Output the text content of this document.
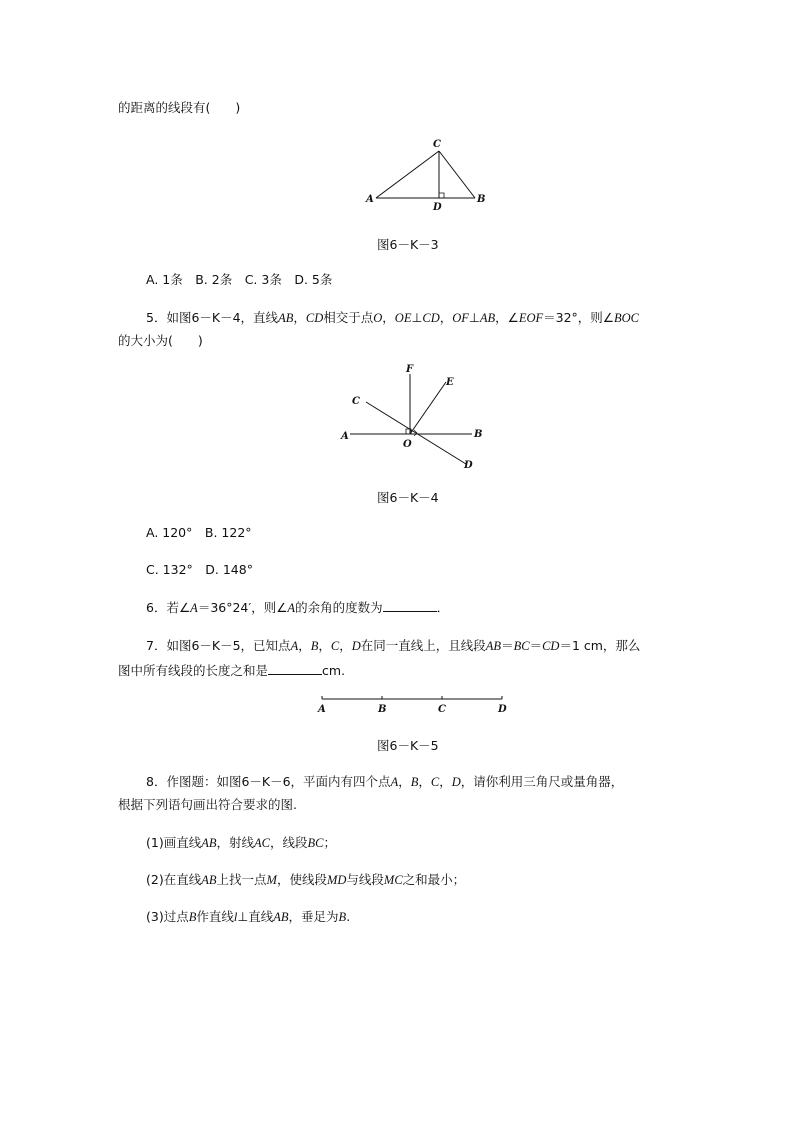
的距离的线段有(　　)
C
A	B
D
图6－K－3
A. 1条　B. 2条　C. 3条　D. 5条
5．如图6－K－4，直线AB，CD相交于点O，OE⊥CD，OF⊥AB，∠EOF＝32°，则∠BOC
的大小为(　　)
F
E
C
A
O
B
D
图6－K－4
A. 120°　B. 122°
C. 132°　D. 148°
6．若∠A＝36°24′，则∠A的余角的度数为	．
7．如图6－K－5，已知点A，B，C，D在同一直线上，且线段AB＝BC＝CD＝1 cm，那么
图中所有线段的长度之和是	cm.
A	B	C	D
图6－K－5
8．作图题：如图6－K－6，平面内有四个点A，B，C，D，请你利用三角尺或量角器，
根据下列语句画出符合要求的图.
(1)画直线AB，射线AC，线段BC；
(2)在直线AB上找一点M，使线段MD与线段MC之和最小；
(3)过点B作直线l⊥直线AB，垂足为B.
